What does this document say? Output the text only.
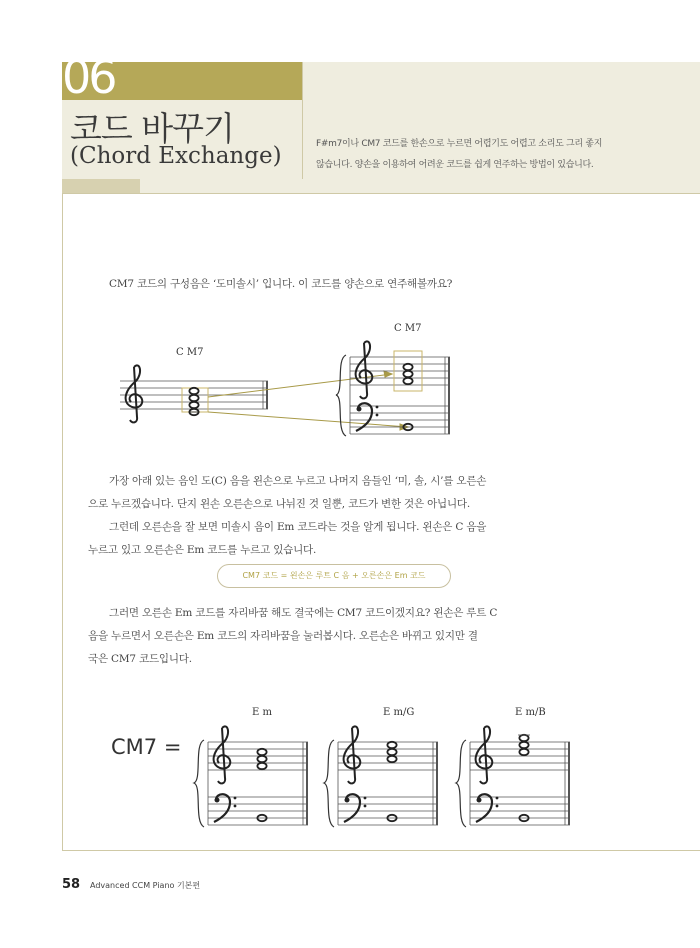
06
코드 바꾸기
(Chord Exchange)	F#m7이나 CM7 코드를 한손으로 누르면 어렵기도 어렵고 소리도 그리 좋지
않습니다. 양손을 이용하여 어려운 코드를 쉽게 연주하는 방법이 있습니다.
CM7 코드의 구성음은 ‘도미솔시’ 입니다. 이 코드를 양손으로 연주해볼까요?
C M7
C M7
가장 아래 있는 음인 도(C) 음을 왼손으로 누르고 나머지 음들인 ‘미, 솔, 시’를 오른손
으로 누르겠습니다. 단지 왼손 오른손으로 나뉘진 것 일뿐, 코드가 변한 것은 아닙니다.
그런데 오른손을 잘 보면 미솔시 음이 Em 코드라는 것을 알게 됩니다. 왼손은 C 음을
누르고 있고 오른손은 Em 코드를 누르고 있습니다.
CM7 코드 = 왼손은 루트 C 음 + 오른손은 Em 코드
그러면 오른손 Em 코드를 자리바꿈 해도 결국에는 CM7 코드이겠지요? 왼손은 루트 C
음을 누르면서 오른손은 Em 코드의 자리바꿈을 눌러봅시다. 오른손은 바뀌고 있지만 결
국은 CM7 코드입니다.
CM7 =
E m	E m/G	E m/B
58 Advanced CCM Piano 기본편
